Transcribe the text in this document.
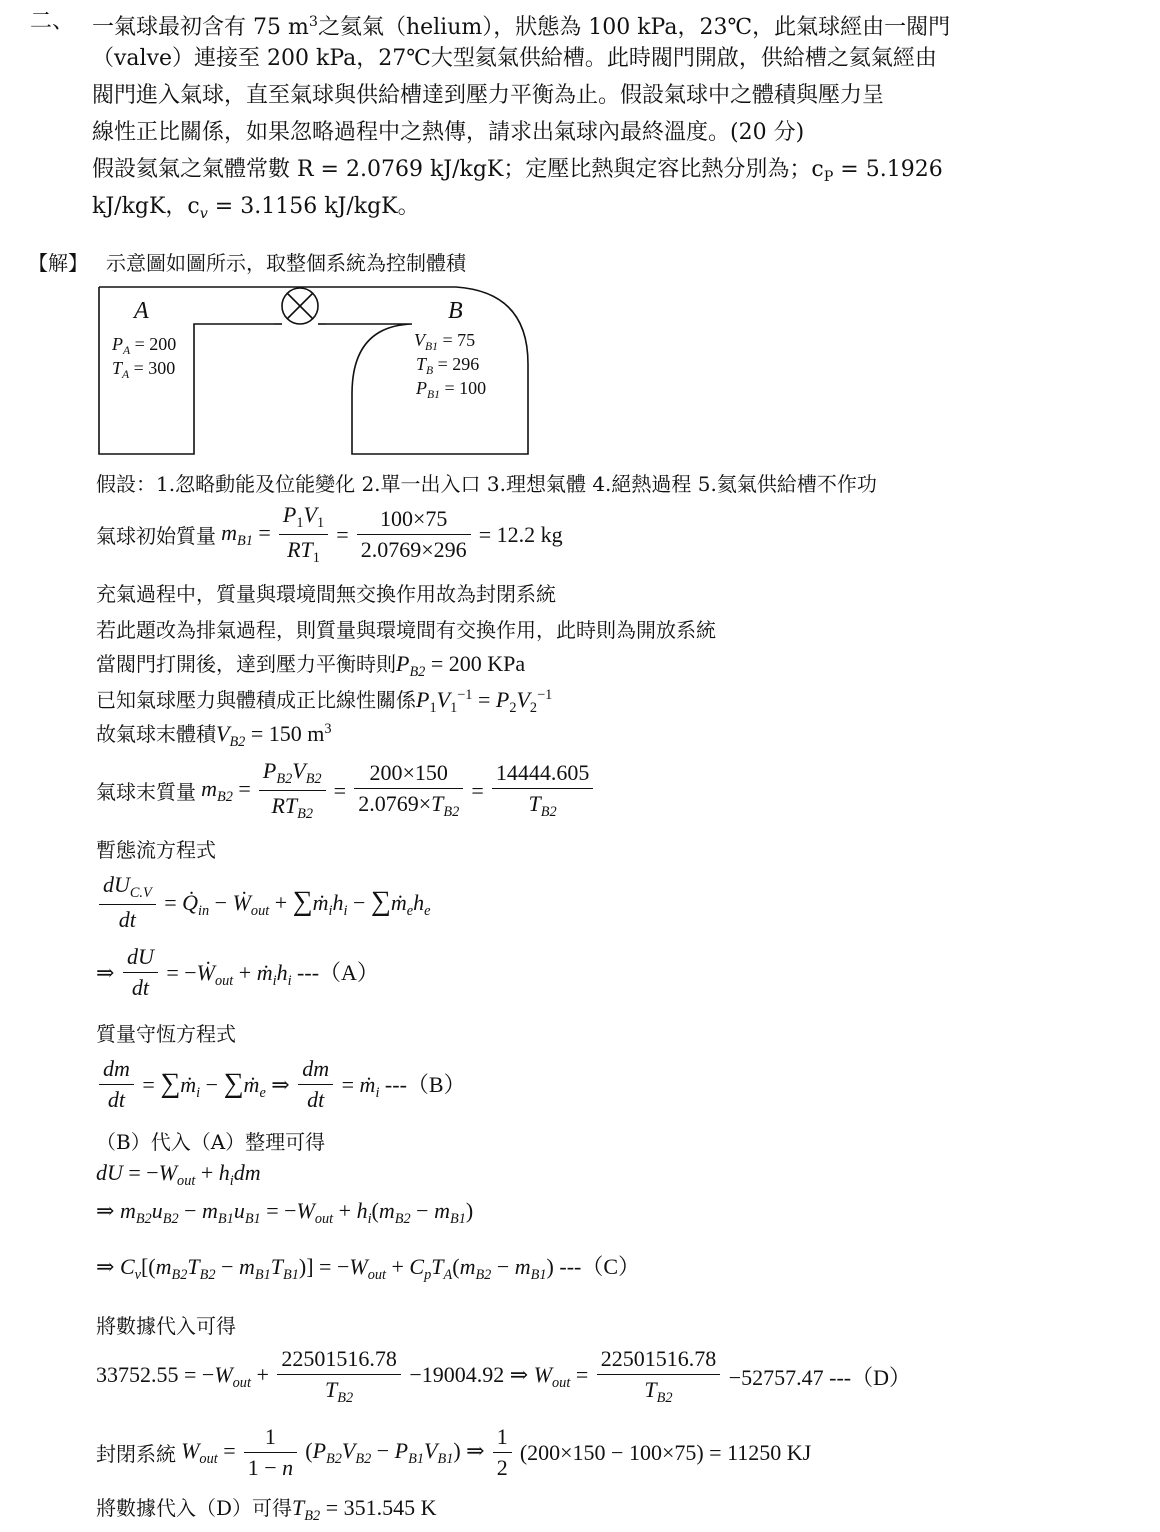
二、 一氣球最初含有 75 $m^3$之氦氣（helium），狀態為 100 kPa，23℃，此氣球經由一閥門
（valve）連接至 200 kPa，27℃大型氦氣供給槽。此時閥門開啟，供給槽之氦氣經由
閥門進入氣球，直至氣球與供給槽達到壓力平衡為止。假設氣球中之體積與壓力呈
線性正比關係，如果忽略過程中之熱傳，請求出氣球內最終溫度。(20 分)
假設氦氣之氣體常數 R = 2.0769 kJ/kgK；定壓比熱與定容比熱分別為；$c_P = 5.1926$
kJ/kgK，$c_v = 3.1156$ kJ/kgK。
【解】 示意圖如圖所示，取整個系統為控制體積
A	B
$P_A = 200$
$T_A = 300$
$V_{B1} = 75$
$T_B = 296$
$P_{B1} = 100$
假設：1.忽略動能及位能變化 2.單一出入口 3.理想氣體 4.絕熱過程 5.氦氣供給槽不作功
氣球初始質量 $m_{B1} = \frac{P_1V_1}{RT_1} = \frac{100\times 75}{2.0769\times 296} = 12.2$ kg
充氣過程中，質量與環境間無交換作用故為封閉系統
若此題改為排氣過程，則質量與環境間有交換作用，此時則為開放系統
當閥門打開後，達到壓力平衡時則$P_{B2} = 200$ KPa
已知氣球壓力與體積成正比線性關係$P_1V_1^{-1} = P_2V_2^{-1}$
故氣球末體積$V_{B2} = 150$ $m^3$
氣球末質量 $m_{B2} = \frac{P_{B2}V_{B2}}{RT_{B2}} = \frac{200\times 150}{2.0769\times T_{B2}} = \frac{14444.605}{T_{B2}}$
暫態流方程式
$\frac{dU_{C.V}}{dt}$ = $Q̇_{in}$ − Ẇ$_{out}$ + $\sum ṁ_ih_i$ − $\sum ṁ_eh_e$
⇒ $\frac{dU}{dt}$ = −Ẇ$_{out}$ + $ṁ_ih_i$ ---（A）
質量守恆方程式
$\frac{dm}{dt}$ = ∑ṁ$_i$ − ∑ṁ$_e$ ⇒ $\frac{dm}{dt}$ = ṁ$_i$ ---（B）
（B）代入（A）整理可得
dU = $-W_{out} + h_idm$
⇒ $m_{B2}u_{B2} - m_{B1}u_{B1} = -W_{out} + h_i(m_{B2} - m_{B1})$
⇒ $C_v[(m_{B2}T_{B2} - m_{B1}T_{B1})] = -W_{out} + C_pT_A(m_{B2} - m_{B1})$ ---（C）
將數據代入可得
$33752.55 = -W_{out} + \frac{22501516.78}{T_{B2}} -19004.92$ ⇒ $W_{out} = \frac{22501516.78}{T_{B2}} -52757.47$ ---（D）
封閉系統 $W_{out} = \frac{1}{1 - n} (P_{B2}V_{B2} - P_{B1}V_{B1})$ ⇒ $\frac{1}{2} (200\times 150 - 100\times 75) = 11250$ KJ
將數據代入（D）可得$T_{B2} = 351.545$ K
